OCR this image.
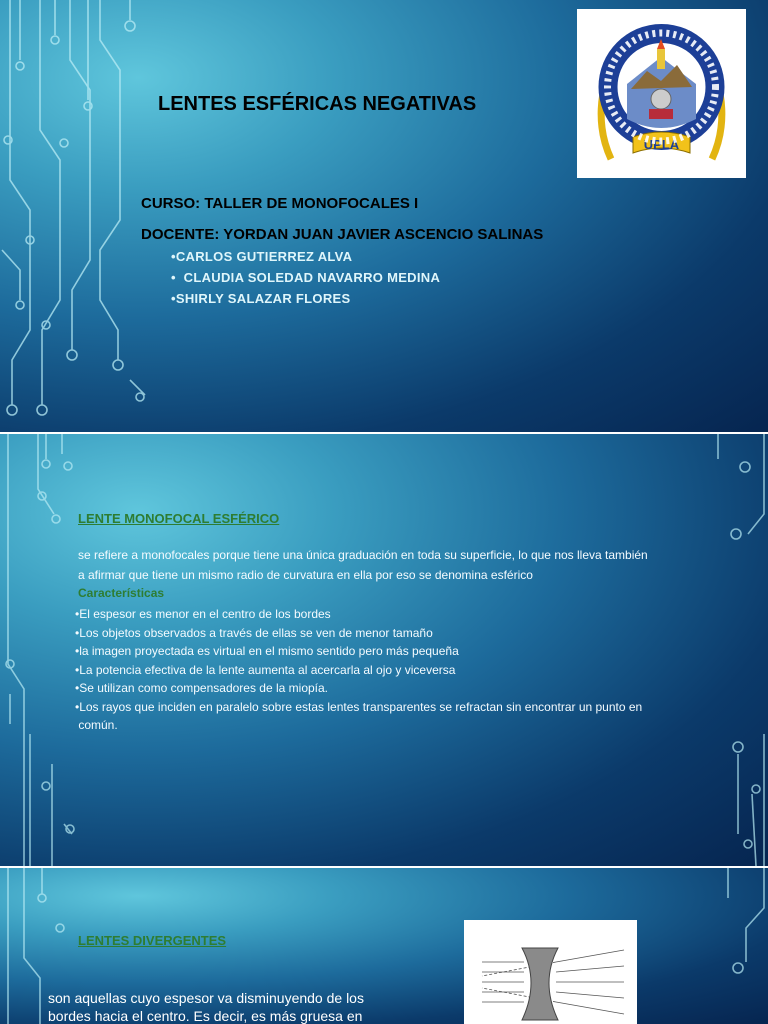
LENTES ESFÉRICAS NEGATIVAS
UPLA
CURSO: TALLER DE MONOFOCALES I
DOCENTE: YORDAN JUAN JAVIER ASCENCIO SALINAS
•CARLOS GUTIERREZ ALVA
•  CLAUDIA SOLEDAD NAVARRO MEDINA
•SHIRLY SALAZAR FLORES
LENTE MONOFOCAL ESFÉRICO
se refiere a monofocales porque tiene una única graduación en toda su superficie, lo que nos lleva también
a afirmar que tiene un mismo radio de curvatura en ella por eso se denomina esférico
Características
•El espesor es menor en el centro de los bordes
•Los objetos observados a través de ellas se ven de menor tamaño
•la imagen proyectada es virtual en el mismo sentido pero más pequeña
•La potencia efectiva de la lente aumenta al acercarla al ojo y viceversa
•Se utilizan como compensadores de la miopía.
•Los rayos que inciden en paralelo sobre estas lentes transparentes se refractan sin encontrar un punto en
común.
LENTES DIVERGENTES
son aquellas cuyo espesor va disminuyendo de los
bordes hacia el centro. Es decir, es más gruesa en
